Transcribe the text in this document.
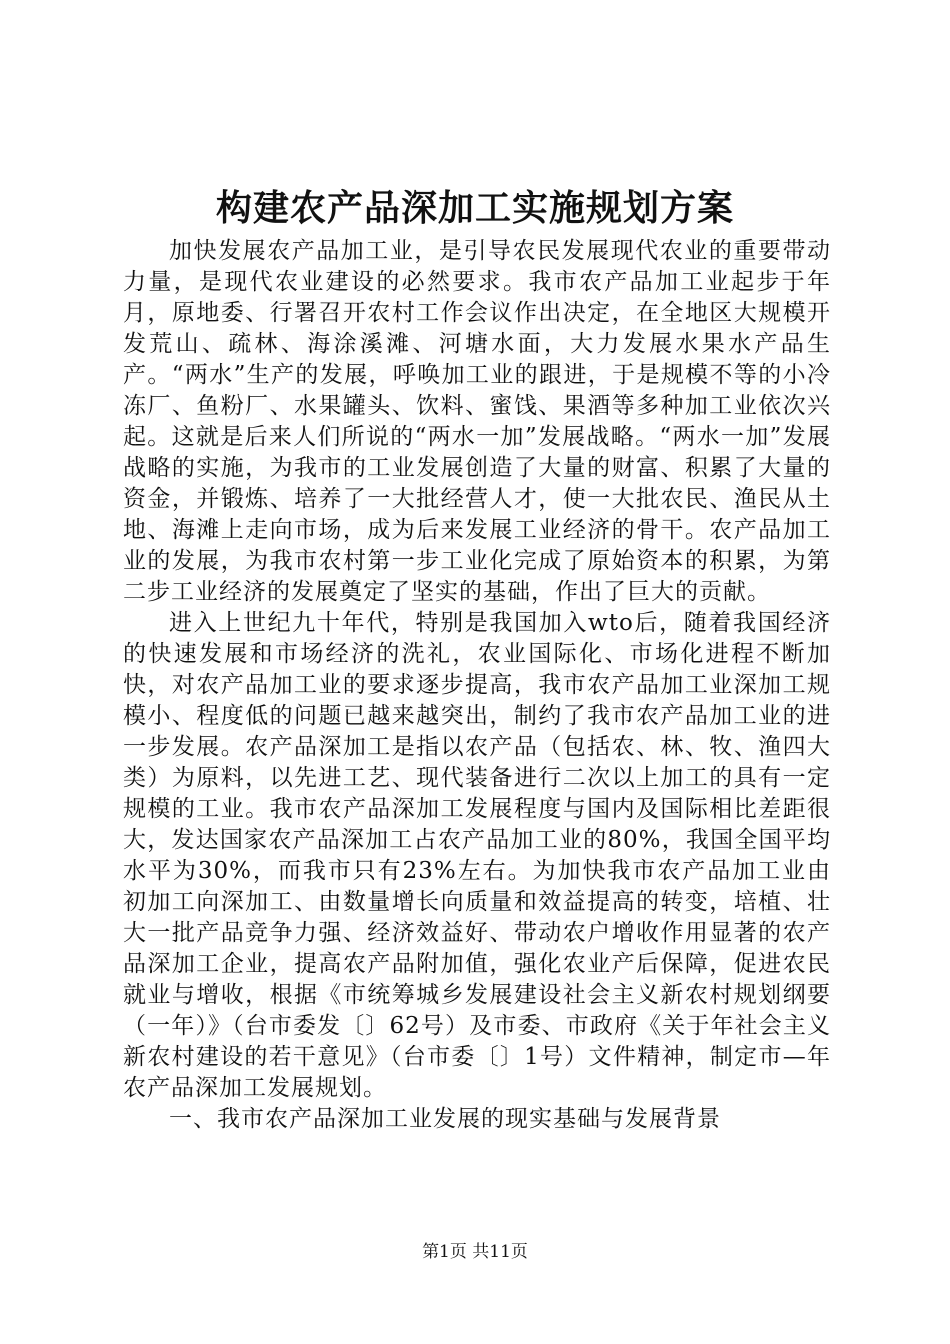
构建农产品深加工实施规划方案

加快发展农产品加工业，是引导农民发展现代农业的重要带动力量，是现代农业建设的必然要求。我市农产品加工业起步于年月，原地委、行署召开农村工作会议作出决定，在全地区大规模开发荒山、疏林、海涂溪滩、河塘水面，大力发展水果水产品生产。“两水”生产的发展，呼唤加工业的跟进，于是规模不等的小冷冻厂、鱼粉厂、水果罐头、饮料、蜜饯、果酒等多种加工业依次兴起。这就是后来人们所说的“两水一加”发展战略。“两水一加”发展战略的实施，为我市的工业发展创造了大量的财富、积累了大量的资金，并锻炼、培养了一大批经营人才，使一大批农民、渔民从土地、海滩上走向市场，成为后来发展工业经济的骨干。农产品加工业的发展，为我市农村第一步工业化完成了原始资本的积累，为第二步工业经济的发展奠定了坚实的基础，作出了巨大的贡献。

进入上世纪九十年代，特别是我国加入wto后，随着我国经济的快速发展和市场经济的洗礼，农业国际化、市场化进程不断加快，对农产品加工业的要求逐步提高，我市农产品加工业深加工规模小、程度低的问题已越来越突出，制约了我市农产品加工业的进一步发展。农产品深加工是指以农产品（包括农、林、牧、渔四大类）为原料，以先进工艺、现代装备进行二次以上加工的具有一定规模的工业。我市农产品深加工发展程度与国内及国际相比差距很大，发达国家农产品深加工占农产品加工业的80%，我国全国平均水平为30%，而我市只有23%左右。为加快我市农产品加工业由初加工向深加工、由数量增长向质量和效益提高的转变，培植、壮大一批产品竞争力强、经济效益好、带动农户增收作用显著的农产品深加工企业，提高农产品附加值，强化农业产后保障，促进农民就业与增收，根据《市统筹城乡发展建设社会主义新农村规划纲要（一年）》（台市委发〔〕62号）及市委、市政府《关于年社会主义新农村建设的若干意见》（台市委〔〕1号）文件精神，制定市—年农产品深加工发展规划。

一、我市农产品深加工业发展的现实基础与发展背景

第1页 共11页
